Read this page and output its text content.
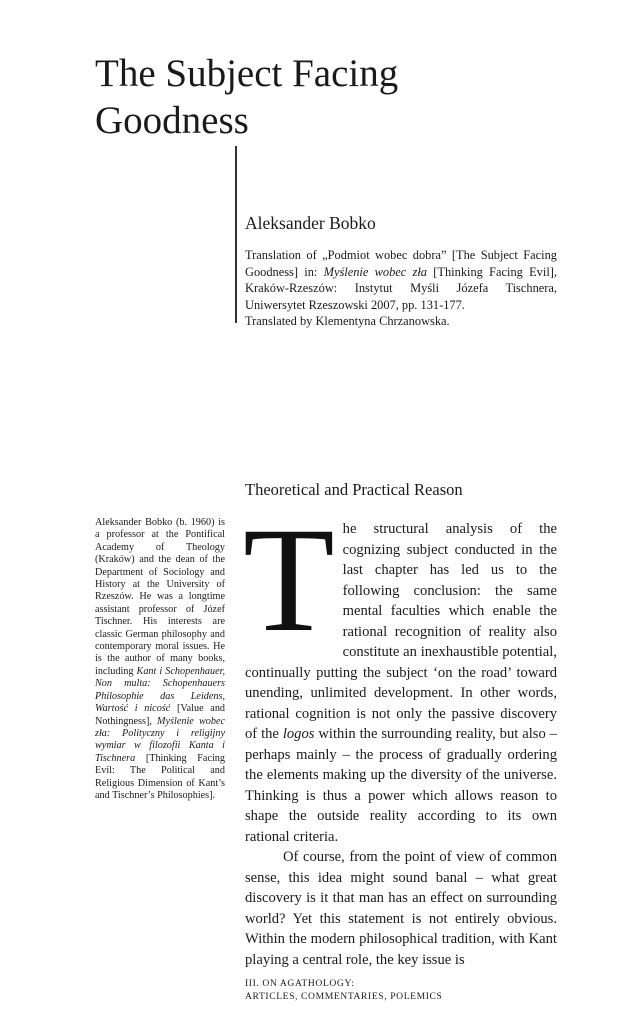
The Subject Facing
Goodness
Aleksander Bobko
Translation of „Podmiot wobec dobra” [The Subject Facing Goodness] in: Myślenie wobec zła [Thinking Facing Evil], Kraków-Rzeszów: Instytut Myśli Józefa Tischnera, Uniwersytet Rzeszowski 2007, pp. 131-177.
Translated by Klementyna Chrzanowska.
Theoretical and Practical Reason
Aleksander Bobko (b. 1960) is a professor at the Pontifical Academy of Theology (Kraków) and the dean of the Department of Sociology and History at the University of Rzeszów. He was a longtime assistant professor of Józef Tischner. His interests are classic German philosophy and contemporary moral issues. He is the author of many books, including Kant i Schopenhauer, Non multa: Schopenhauers Philosophie das Leidens, Wartość i nicość [Value and Nothingness], Myślenie wobec zła: Polityczny i religijny wymiar w filozofii Kanta i Tischnera [Thinking Facing Evil: The Political and Religious Dimension of Kant’s and Tischner’s Philosophies].

The structural analysis of the cognizing subject conducted in the last chapter has led us to the following conclusion: the same mental faculties which enable the rational recognition of reality also constitute an inexhaustible potential, continually putting the subject ‘on the road’ toward unending, unlimited development. In other words, rational cognition is not only the passive discovery of the logos within the surrounding reality, but also – perhaps mainly – the process of gradually ordering the elements making up the diversity of the universe. Thinking is thus a power which allows reason to shape the outside reality according to its own rational criteria.

Of course, from the point of view of common sense, this idea might sound banal – what great discovery is it that man has an effect on surrounding world? Yet this statement is not entirely obvious. Within the modern philosophical tradition, with Kant playing a central role, the key issue is

III. ON AGATHOLOGY:
ARTICLES, COMMENTARIES, POLEMICS
